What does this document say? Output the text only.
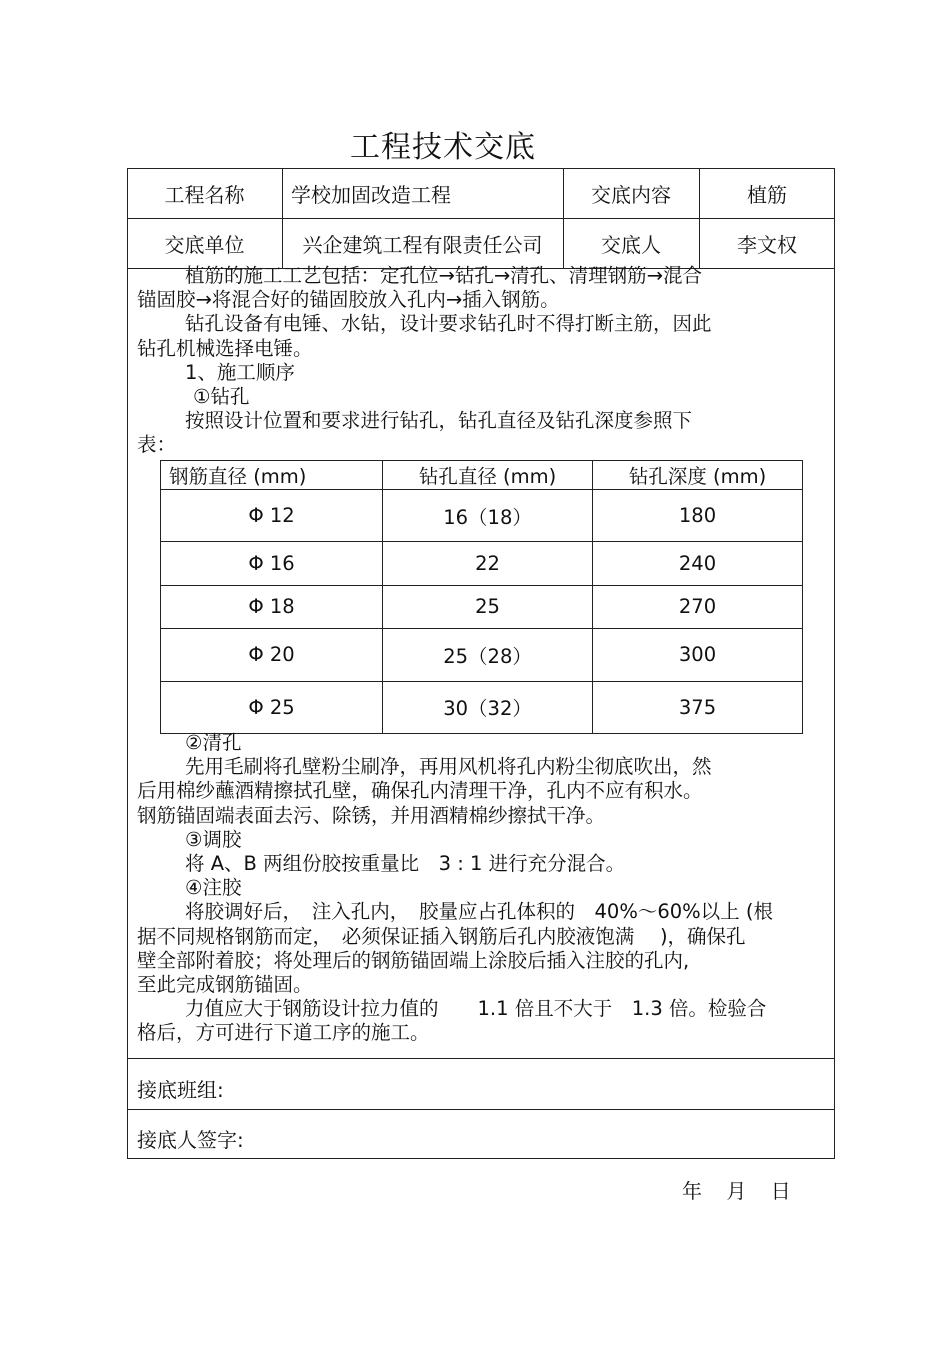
工程技术交底
工程名称	学校加固改造工程	交底内容	植筋
交底单位	兴企建筑工程有限责任公司	交底人	李文权
植筋的施工工艺包括：定孔位→钻孔→清孔、清理钢筋→混合
锚固胶→将混合好的锚固胶放入孔内→插入钢筋。
钻孔设备有电锤、水钻，设计要求钻孔时不得打断主筋，因此
钻孔机械选择电锤。
1、施工顺序
①钻孔
按照设计位置和要求进行钻孔，钻孔直径及钻孔深度参照下
表：
钢筋直径 (mm)	钻孔直径 (mm)	钻孔深度 (mm)
Φ 12	16（18）	180
Φ 16	22	240
Φ 18	25	270
Φ 20	25（28）	300
Φ 25	30（32）	375
②清孔
先用毛刷将孔壁粉尘刷净，再用风机将孔内粉尘彻底吹出，然
后用棉纱蘸酒精擦拭孔壁，确保孔内清理干净，孔内不应有积水。
钢筋锚固端表面去污、除锈，并用酒精棉纱擦拭干净。
③调胶
将 A、B 两组份胶按重量比　3 : 1 进行充分混合。
④注胶
将胶调好后，　注入孔内，　胶量应占孔体积的　40%～60%以上 (根
据不同规格钢筋而定，　必须保证插入钢筋后孔内胶液饱满　 )，确保孔
壁全部附着胶；将处理后的钢筋锚固端上涂胶后插入注胶的孔内,
至此完成钢筋锚固。
力值应大于钢筋设计拉力值的　　1.1 倍且不大于　1.3 倍。检验合
格后，方可进行下道工序的施工。
接底班组:
接底人签字:
年 月 日
